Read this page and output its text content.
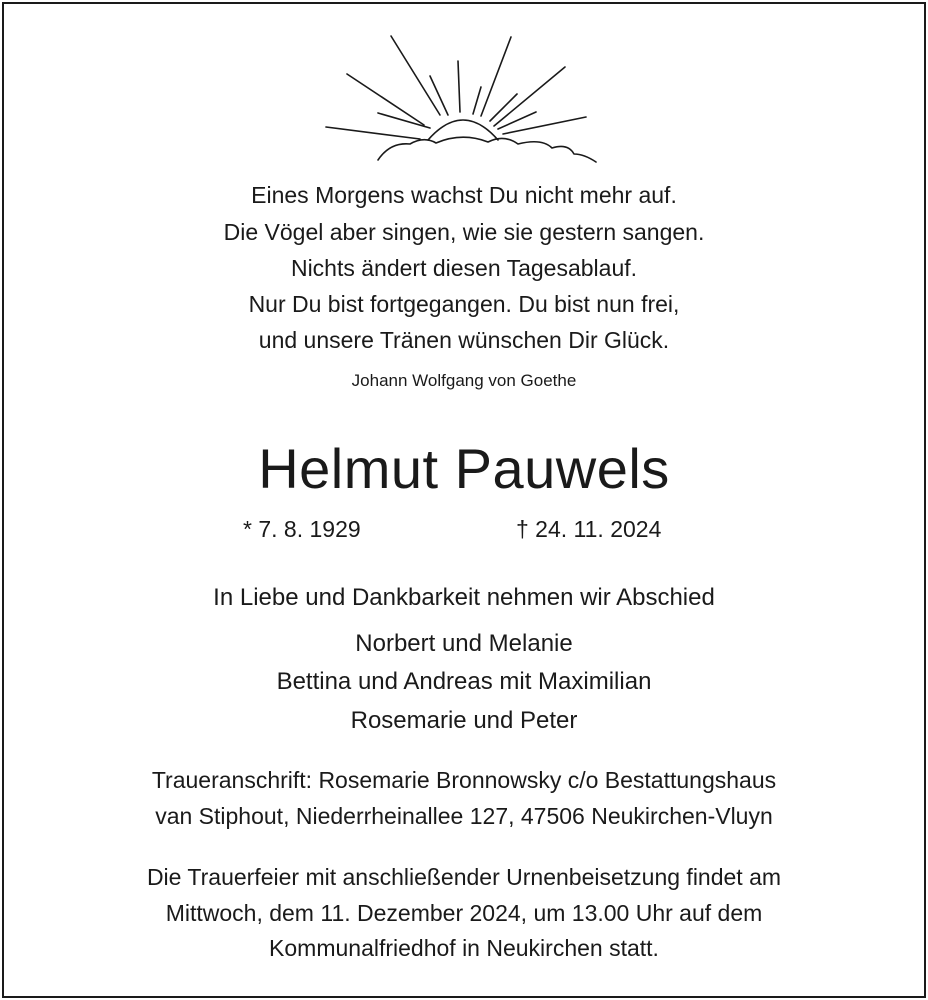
Eines Morgens wachst Du nicht mehr auf.
Die Vögel aber singen, wie sie gestern sangen.
Nichts ändert diesen Tagesablauf.
Nur Du bist fortgegangen. Du bist nun frei,
und unsere Tränen wünschen Dir Glück.
Johann Wolfgang von Goethe
Helmut Pauwels
* 7. 8. 1929	† 24. 11. 2024
In Liebe und Dankbarkeit nehmen wir Abschied
Norbert und Melanie
Bettina und Andreas mit Maximilian
Rosemarie und Peter
Traueranschrift: Rosemarie Bronnowsky c/o Bestattungshaus
van Stiphout, Niederrheinallee 127, 47506 Neukirchen-Vluyn
Die Trauerfeier mit anschließender Urnenbeisetzung findet am
Mittwoch, dem 11. Dezember 2024, um 13.00 Uhr auf dem
Kommunalfriedhof in Neukirchen statt.
